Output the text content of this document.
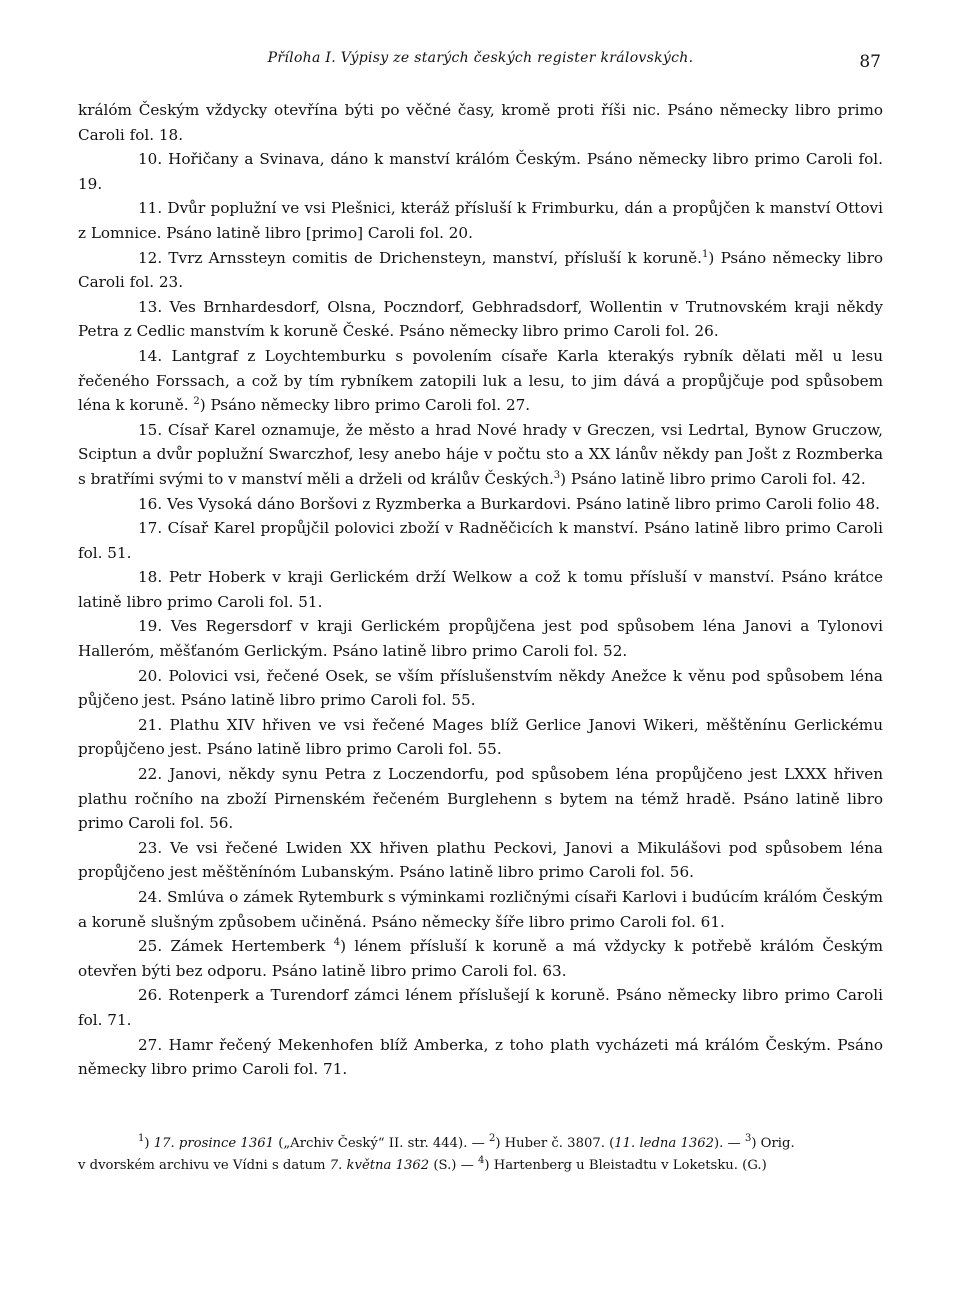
Příloha I. Výpisy ze starých českých register královských.	87

králóm Českým vždycky otevřína býti po věčné časy, kromě proti říši nic. Psáno německy libro primo Caroli fol. 18.

10. Hořičany a Svinava, dáno k manství králóm Českým. Psáno německy libro primo Caroli fol. 19.

11. Dvůr poplužní ve vsi Plešnici, kteráž přísluší k Frimburku, dán a propůjčen k manství Ottovi z Lomnice. Psáno latině libro [primo] Caroli fol. 20.

12. Tvrz Arnssteyn comitis de Drichensteyn, manství, přísluší k koruně.$^1$) Psáno německy libro Caroli fol. 23.

13. Ves Brnhardesdorf, Olsna, Poczndorf, Gebhradsdorf, Wollentin v Trutnovském kraji někdy Petra z Cedlic manstvím k koruně České. Psáno německy libro primo Caroli fol. 26.

14. Lantgraf z Loychtemburku s povolením císaře Karla kterakýs rybník dělati měl u lesu řečeného Forssach, a což by tím rybníkem zatopili luk a lesu, to jim dává a propůjčuje pod spůsobem léna k koruně. $^2$) Psáno německy libro primo Caroli fol. 27.

15. Císař Karel oznamuje, že město a hrad Nové hrady v Greczen, vsi Ledrtal, Bynow Gruczow, Sciptun a dvůr poplužní Swarczhof, lesy anebo háje v počtu sto a XX lánův někdy pan Jošt z Rozmberka s bratřími svými to v manství měli a drželi od králův Českých.$^3$) Psáno latině libro primo Caroli fol. 42.

16. Ves Vysoká dáno Boršovi z Ryzmberka a Burkardovi. Psáno latině libro primo Caroli folio 48.

17. Císař Karel propůjčil polovici zboží v Radněčicích k manství. Psáno latině libro primo Caroli fol. 51.

18. Petr Hoberk v kraji Gerlickém drží Welkow a což k tomu přísluší v manství. Psáno krátce latině libro primo Caroli fol. 51.

19. Ves Regersdorf v kraji Gerlickém propůjčena jest pod spůsobem léna Janovi a Tylonovi Halleróm, měšťanóm Gerlickým. Psáno latině libro primo Caroli fol. 52.

20. Polovici vsi, řečené Osek, se vším příslušenstvím někdy Anežce k věnu pod spůsobem léna půjčeno jest. Psáno latině libro primo Caroli fol. 55.

21. Plathu XIV hřiven ve vsi řečené Mages blíž Gerlice Janovi Wikeri, měštěnínu Gerlickému propůjčeno jest. Psáno latině libro primo Caroli fol. 55.

22. Janovi, někdy synu Petra z Loczendorfu, pod spůsobem léna propůjčeno jest LXXX hřiven plathu ročního na zboží Pirnenském řečeném Burglehenn s bytem na témž hradě. Psáno latině libro primo Caroli fol. 56.

23. Ve vsi řečené Lwiden XX hřiven plathu Peckovi, Janovi a Mikulášovi pod spůsobem léna propůjčeno jest měštěnínóm Lubanským. Psáno latině libro primo Caroli fol. 56.

24. Smlúva o zámek Rytemburk s výminkami rozličnými císaři Karlovi i budúcím králóm Českým a koruně slušným způsobem učiněná. Psáno německy šíře libro primo Caroli fol. 61.

25. Zámek Hertemberk $^4$) lénem přísluší k koruně a má vždycky k potřebě králóm Českým otevřen býti bez odporu. Psáno latině libro primo Caroli fol. 63.

26. Rotenperk a Turendorf zámci lénem příslušejí k koruně. Psáno německy libro primo Caroli fol. 71.

27. Hamr řečený Mekenhofen blíž Amberka, z toho plath vycházeti má králóm Českým. Psáno německy libro primo Caroli fol. 71.

$^1$) 17. prosince 1361 („Archiv Český“ II. str. 444). — $^2$) Huber č. 3807. (11. ledna 1362). — $^3$) Orig.
v dvorském archivu ve Vídni s datum 7. května 1362 (S.) — $^4$) Hartenberg u Bleistadtu v Loketsku. (G.)
